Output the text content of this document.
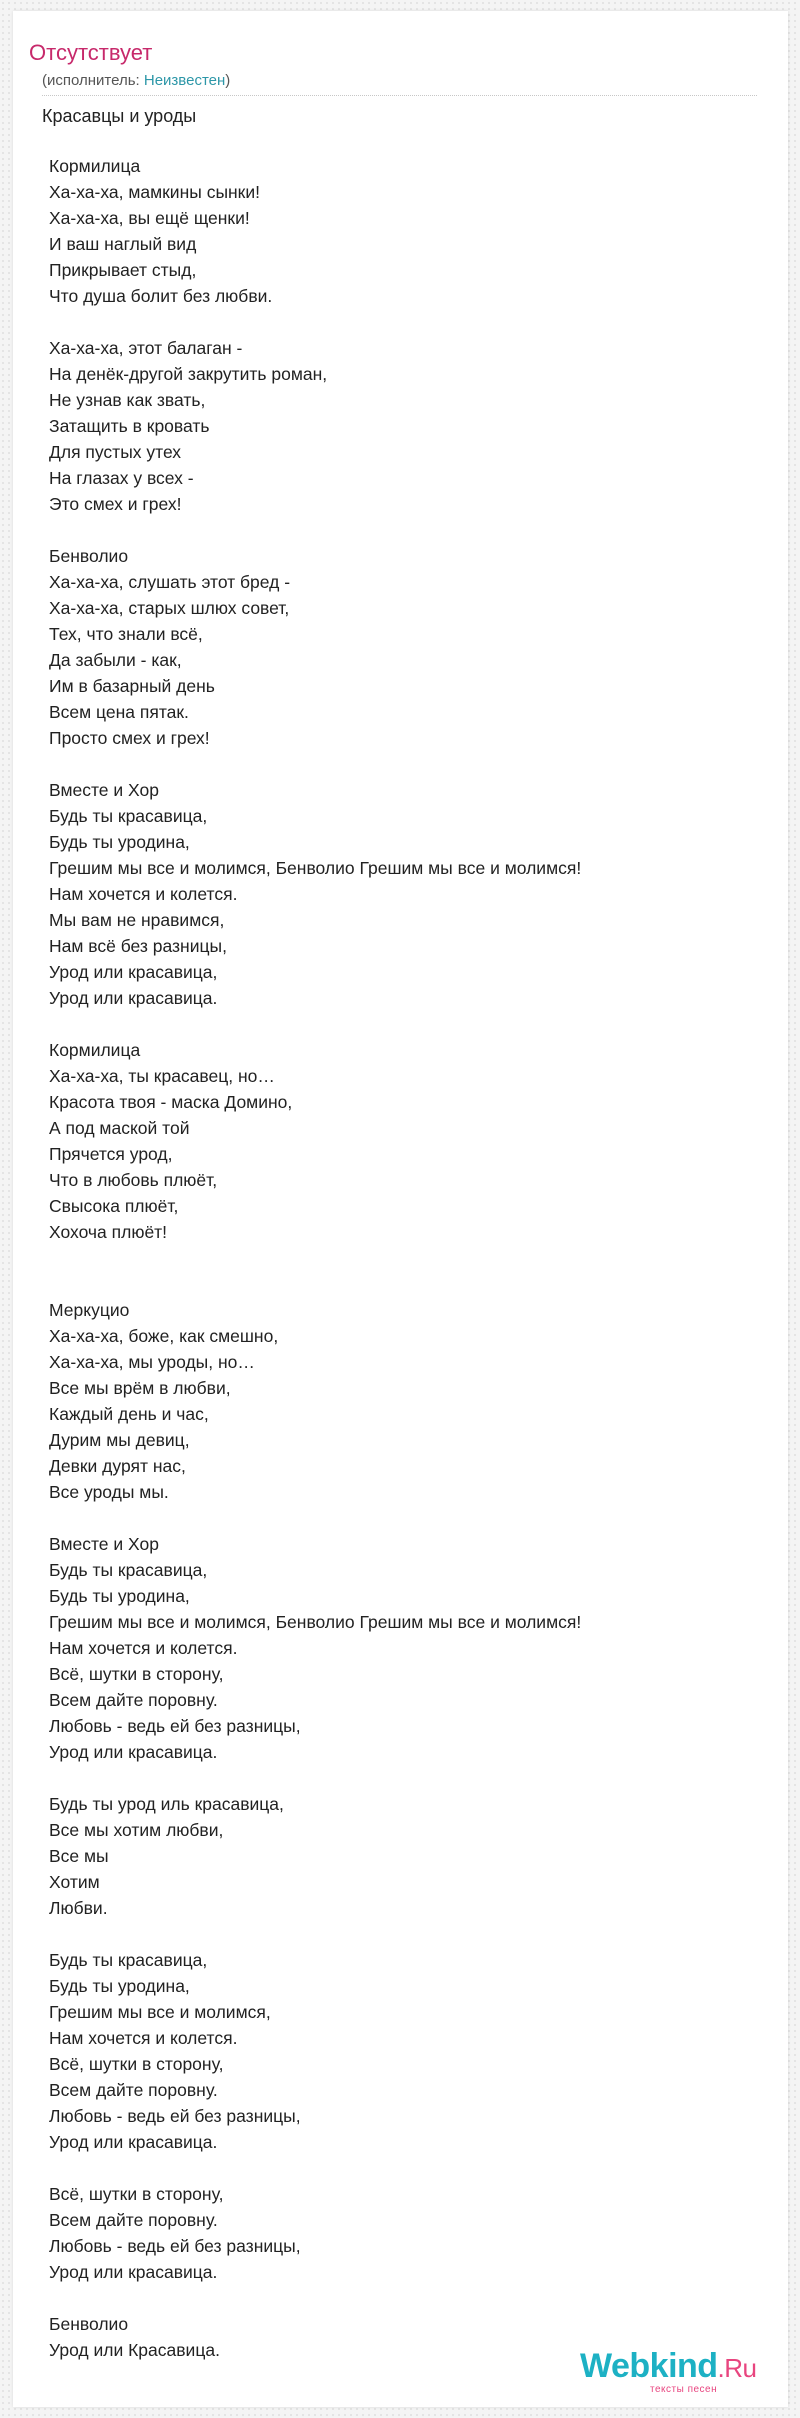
Отсутствует
(исполнитель: Неизвестен)
Красавцы и уроды
Кормилица
Ха-ха-ха, мамкины сынки!
Ха-ха-ха, вы ещё щенки!
И ваш наглый вид
Прикрывает стыд,
Что душа болит без любви.
Ха-ха-ха, этот балаган -
На денёк-другой закрутить роман,
Не узнав как звать,
Затащить в кровать
Для пустых утех
На глазах у всех -
Это смех и грех!
Бенволио
Ха-ха-ха, слушать этот бред -
Ха-ха-ха, старых шлюх совет,
Тех, что знали всё,
Да забыли - как,
Им в базарный день
Всем цена пятак.
Просто смех и грех!
Вместе и Хор
Будь ты красавица,
Будь ты уродина,
Грешим мы все и молимся, Бенволио Грешим мы все и молимся!
Нам хочется и колется.
Мы вам не нравимся,
Нам всё без разницы,
Урод или красавица,
Урод или красавица.
Кормилица
Ха-ха-ха, ты красавец, но…
Красота твоя - маска Домино,
А под маской той
Прячется урод,
Что в любовь плюёт,
Свысока плюёт,
Хохоча плюёт!
Меркуцио
Ха-ха-ха, боже, как смешно,
Ха-ха-ха, мы уроды, но…
Все мы врём в любви,
Каждый день и час,
Дурим мы девиц,
Девки дурят нас,
Все уроды мы.
Вместе и Хор
Будь ты красавица,
Будь ты уродина,
Грешим мы все и молимся, Бенволио Грешим мы все и молимся!
Нам хочется и колется.
Всё, шутки в сторону,
Всем дайте поровну.
Любовь - ведь ей без разницы,
Урод или красавица.
Будь ты урод иль красавица,
Все мы хотим любви,
Все мы
Хотим
Любви.
Будь ты красавица,
Будь ты уродина,
Грешим мы все и молимся,
Нам хочется и колется.
Всё, шутки в сторону,
Всем дайте поровну.
Любовь - ведь ей без разницы,
Урод или красавица.
Всё, шутки в сторону,
Всем дайте поровну.
Любовь - ведь ей без разницы,
Урод или красавица.
Бенволио
Урод или Красавица.	Webkind.Ru
тексты песен
